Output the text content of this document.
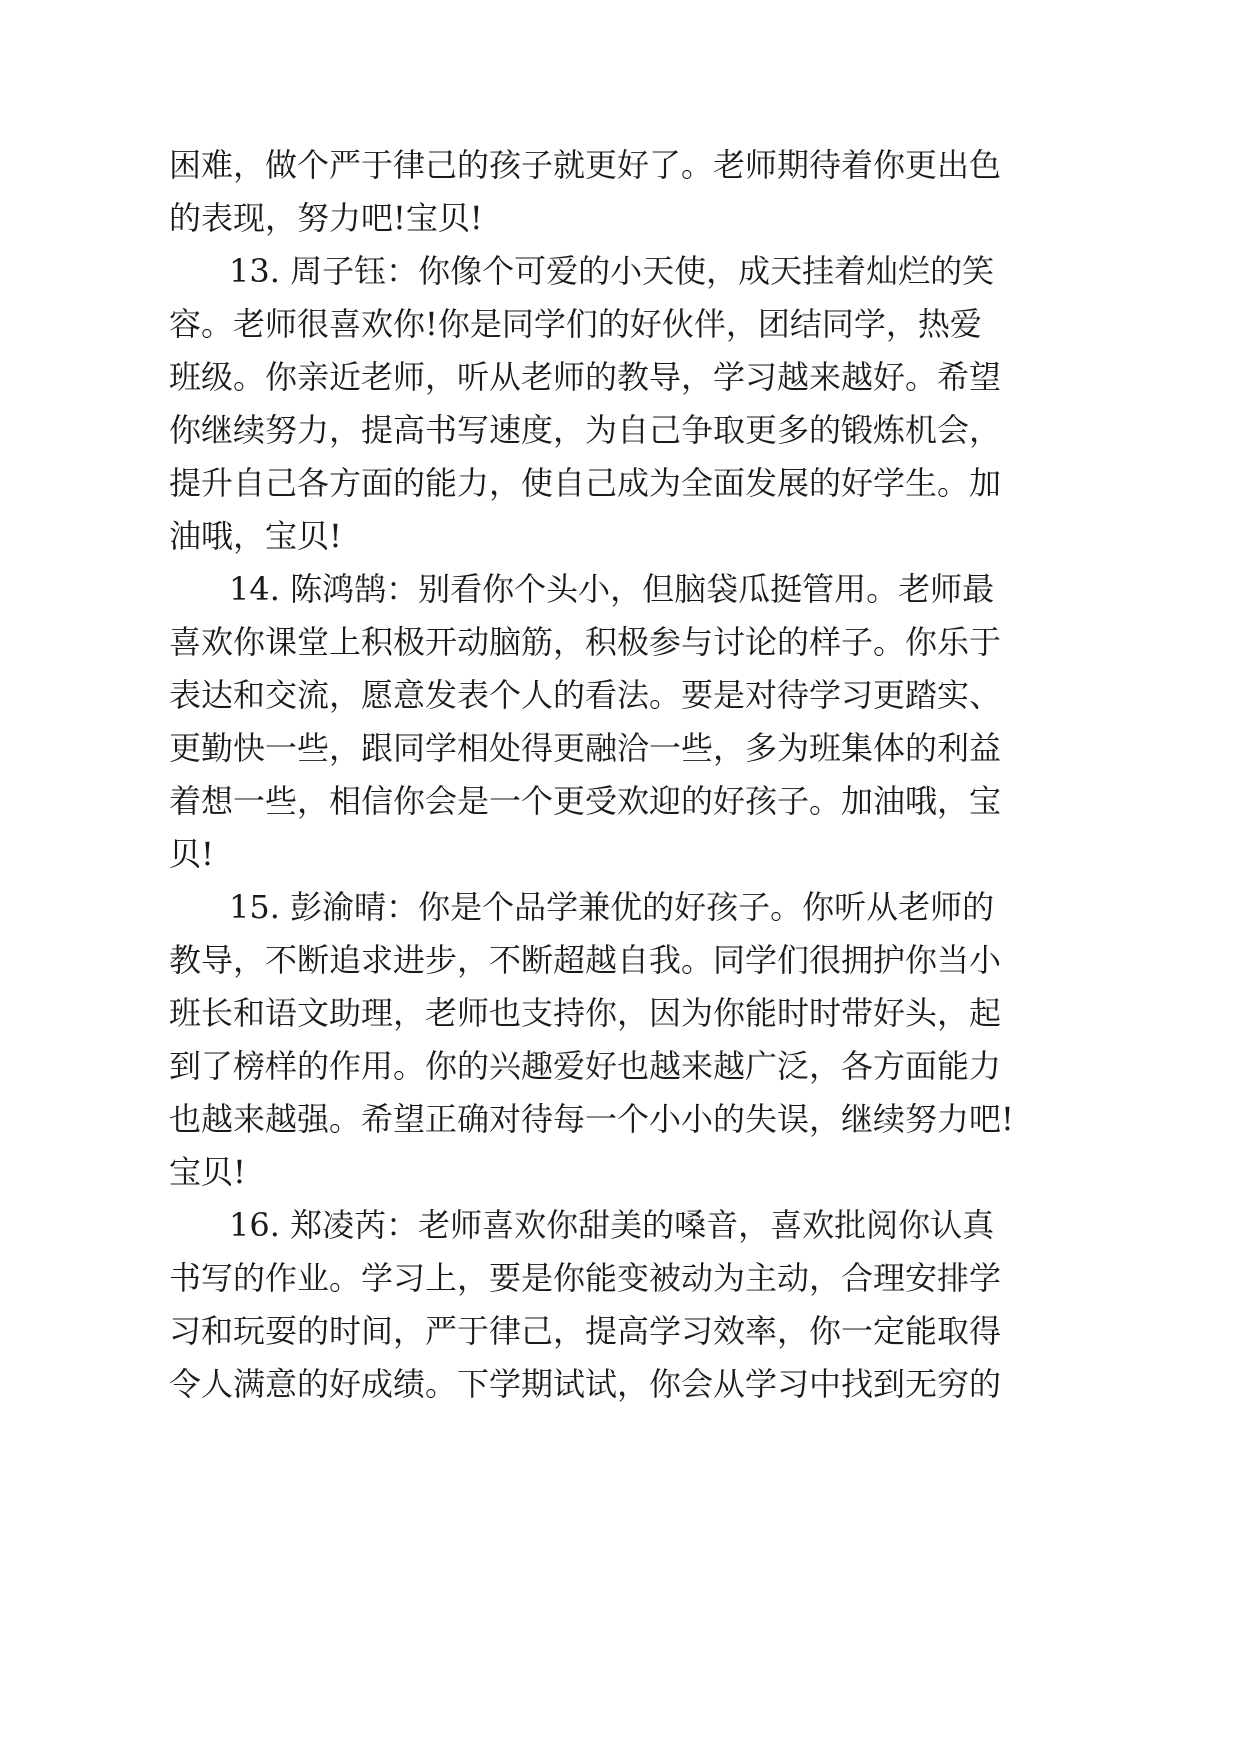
困难，做个严于律己的孩子就更好了。老师期待着你更出色
的表现，努力吧!宝贝!
13. 周子钰：你像个可爱的小天使，成天挂着灿烂的笑
容。老师很喜欢你!你是同学们的好伙伴，团结同学，热爱
班级。你亲近老师，听从老师的教导，学习越来越好。希望
你继续努力，提高书写速度，为自己争取更多的锻炼机会，
提升自己各方面的能力，使自己成为全面发展的好学生。加
油哦，宝贝!
14. 陈鸿鹄：别看你个头小，但脑袋瓜挺管用。老师最
喜欢你课堂上积极开动脑筋，积极参与讨论的样子。你乐于
表达和交流，愿意发表个人的看法。要是对待学习更踏实、
更勤快一些，跟同学相处得更融洽一些，多为班集体的利益
着想一些，相信你会是一个更受欢迎的好孩子。加油哦，宝
贝!
15. 彭渝晴：你是个品学兼优的好孩子。你听从老师的
教导，不断追求进步，不断超越自我。同学们很拥护你当小
班长和语文助理，老师也支持你，因为你能时时带好头，起
到了榜样的作用。你的兴趣爱好也越来越广泛，各方面能力
也越来越强。希望正确对待每一个小小的失误，继续努力吧!
宝贝!
16. 郑凌芮：老师喜欢你甜美的嗓音，喜欢批阅你认真
书写的作业。学习上，要是你能变被动为主动，合理安排学
习和玩耍的时间，严于律己，提高学习效率，你一定能取得
令人满意的好成绩。下学期试试，你会从学习中找到无穷的
